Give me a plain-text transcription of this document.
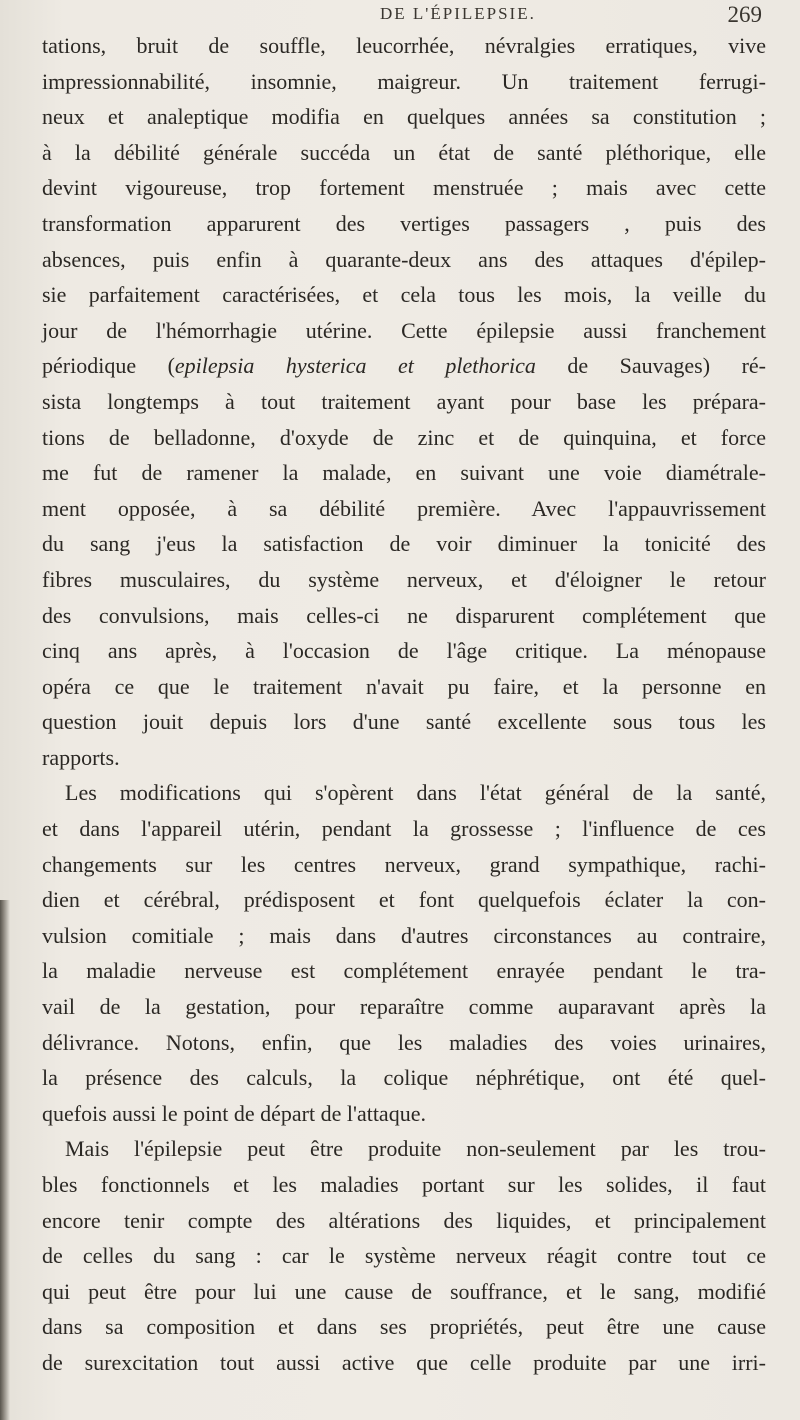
DE L'ÉPILEPSIE.	269
tations, bruit de souffle, leucorrhée, névralgies erratiques, vive
impressionnabilité, insomnie, maigreur. Un traitement ferrugi-
neux et analeptique modifia en quelques années sa constitution ;
à la débilité générale succéda un état de santé pléthorique, elle
devint vigoureuse, trop fortement menstruée ; mais avec cette
transformation apparurent des vertiges passagers , puis des
absences, puis enfin à quarante-deux ans des attaques d'épilep-
sie parfaitement caractérisées, et cela tous les mois, la veille du
jour de l'hémorrhagie utérine. Cette épilepsie aussi franchement
périodique (epilepsia hysterica et plethorica de Sauvages) ré-
sista longtemps à tout traitement ayant pour base les prépara-
tions de belladonne, d'oxyde de zinc et de quinquina, et force
me fut de ramener la malade, en suivant une voie diamétrale-
ment opposée, à sa débilité première. Avec l'appauvrissement
du sang j'eus la satisfaction de voir diminuer la tonicité des
fibres musculaires, du système nerveux, et d'éloigner le retour
des convulsions, mais celles-ci ne disparurent complétement que
cinq ans après, à l'occasion de l'âge critique. La ménopause
opéra ce que le traitement n'avait pu faire, et la personne en
question jouit depuis lors d'une santé excellente sous tous les
rapports.
Les modifications qui s'opèrent dans l'état général de la santé,
et dans l'appareil utérin, pendant la grossesse ; l'influence de ces
changements sur les centres nerveux, grand sympathique, rachi-
dien et cérébral, prédisposent et font quelquefois éclater la con-
vulsion comitiale ; mais dans d'autres circonstances au contraire,
la maladie nerveuse est complétement enrayée pendant le tra-
vail de la gestation, pour reparaître comme auparavant après la
délivrance. Notons, enfin, que les maladies des voies urinaires,
la présence des calculs, la colique néphrétique, ont été quel-
quefois aussi le point de départ de l'attaque.
Mais l'épilepsie peut être produite non-seulement par les trou-
bles fonctionnels et les maladies portant sur les solides, il faut
encore tenir compte des altérations des liquides, et principalement
de celles du sang : car le système nerveux réagit contre tout ce
qui peut être pour lui une cause de souffrance, et le sang, modifié
dans sa composition et dans ses propriétés, peut être une cause
de surexcitation tout aussi active que celle produite par une irri-
